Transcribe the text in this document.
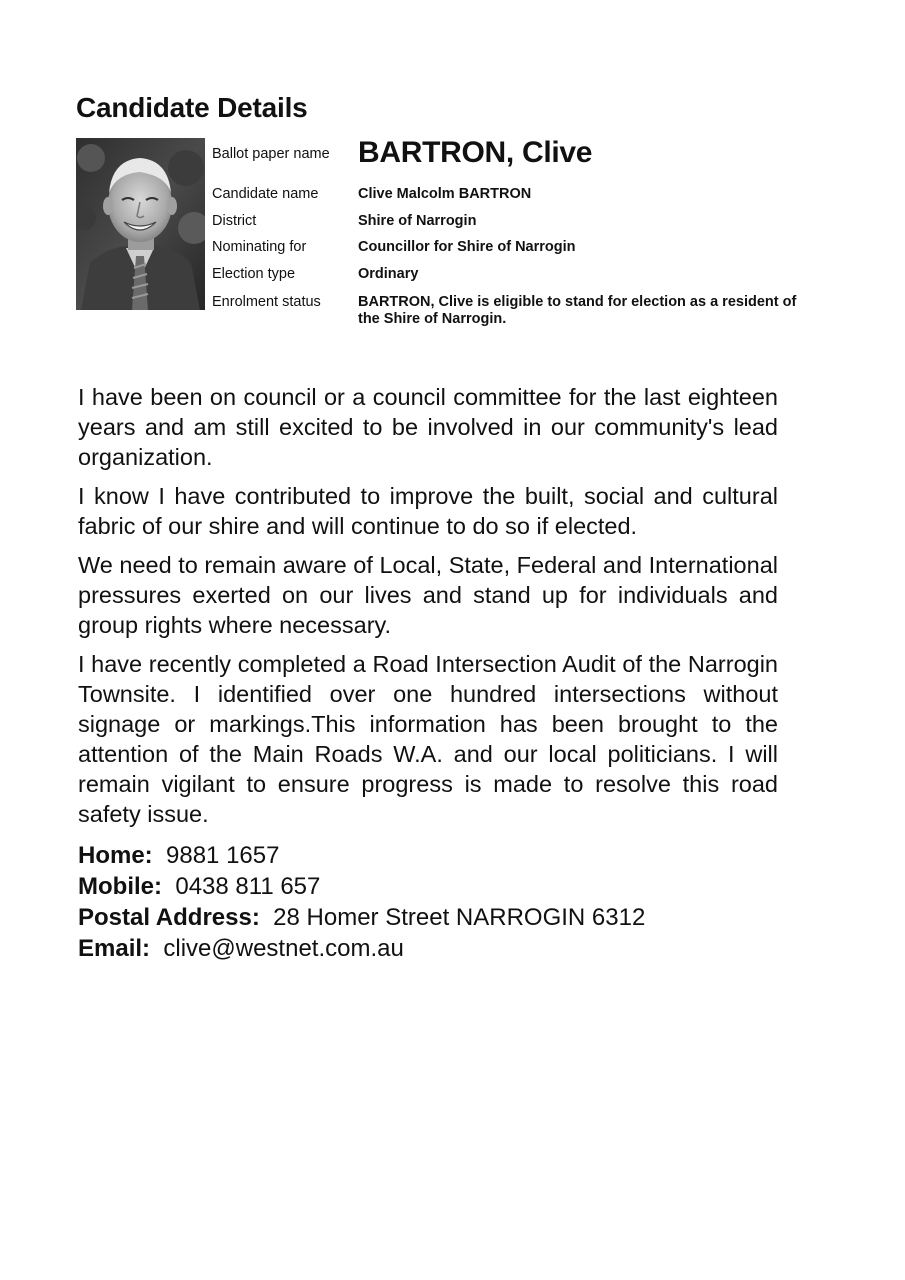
Candidate Details
Ballot paper name BARTRON, Clive
Candidate name	Clive Malcolm BARTRON
District	Shire of Narrogin
Nominating for	Councillor for Shire of Narrogin
Election type	Ordinary
Enrolment status	BARTRON, Clive is eligible to stand for election as a resident of the Shire of Narrogin.

I have been on council or a council committee for the last eighteen years and am still excited to be involved in our community's lead organization.

I know I have contributed to improve the built, social and cultural fabric of our shire and will continue to do so if elected.

We need to remain aware of Local, State, Federal and International pressures exerted on our lives and stand up for individuals and group rights where necessary.

I have recently completed a Road Intersection Audit of the Narrogin Townsite. I identified over one hundred intersections without signage or markings.This information has been brought to the attention of the Main Roads W.A. and our local politicians. I will remain vigilant to ensure progress is made to resolve this road safety issue.

Home: 9881 1657
Mobile: 0438 811 657
Postal Address: 28 Homer Street NARROGIN 6312
Email: clive@westnet.com.au
